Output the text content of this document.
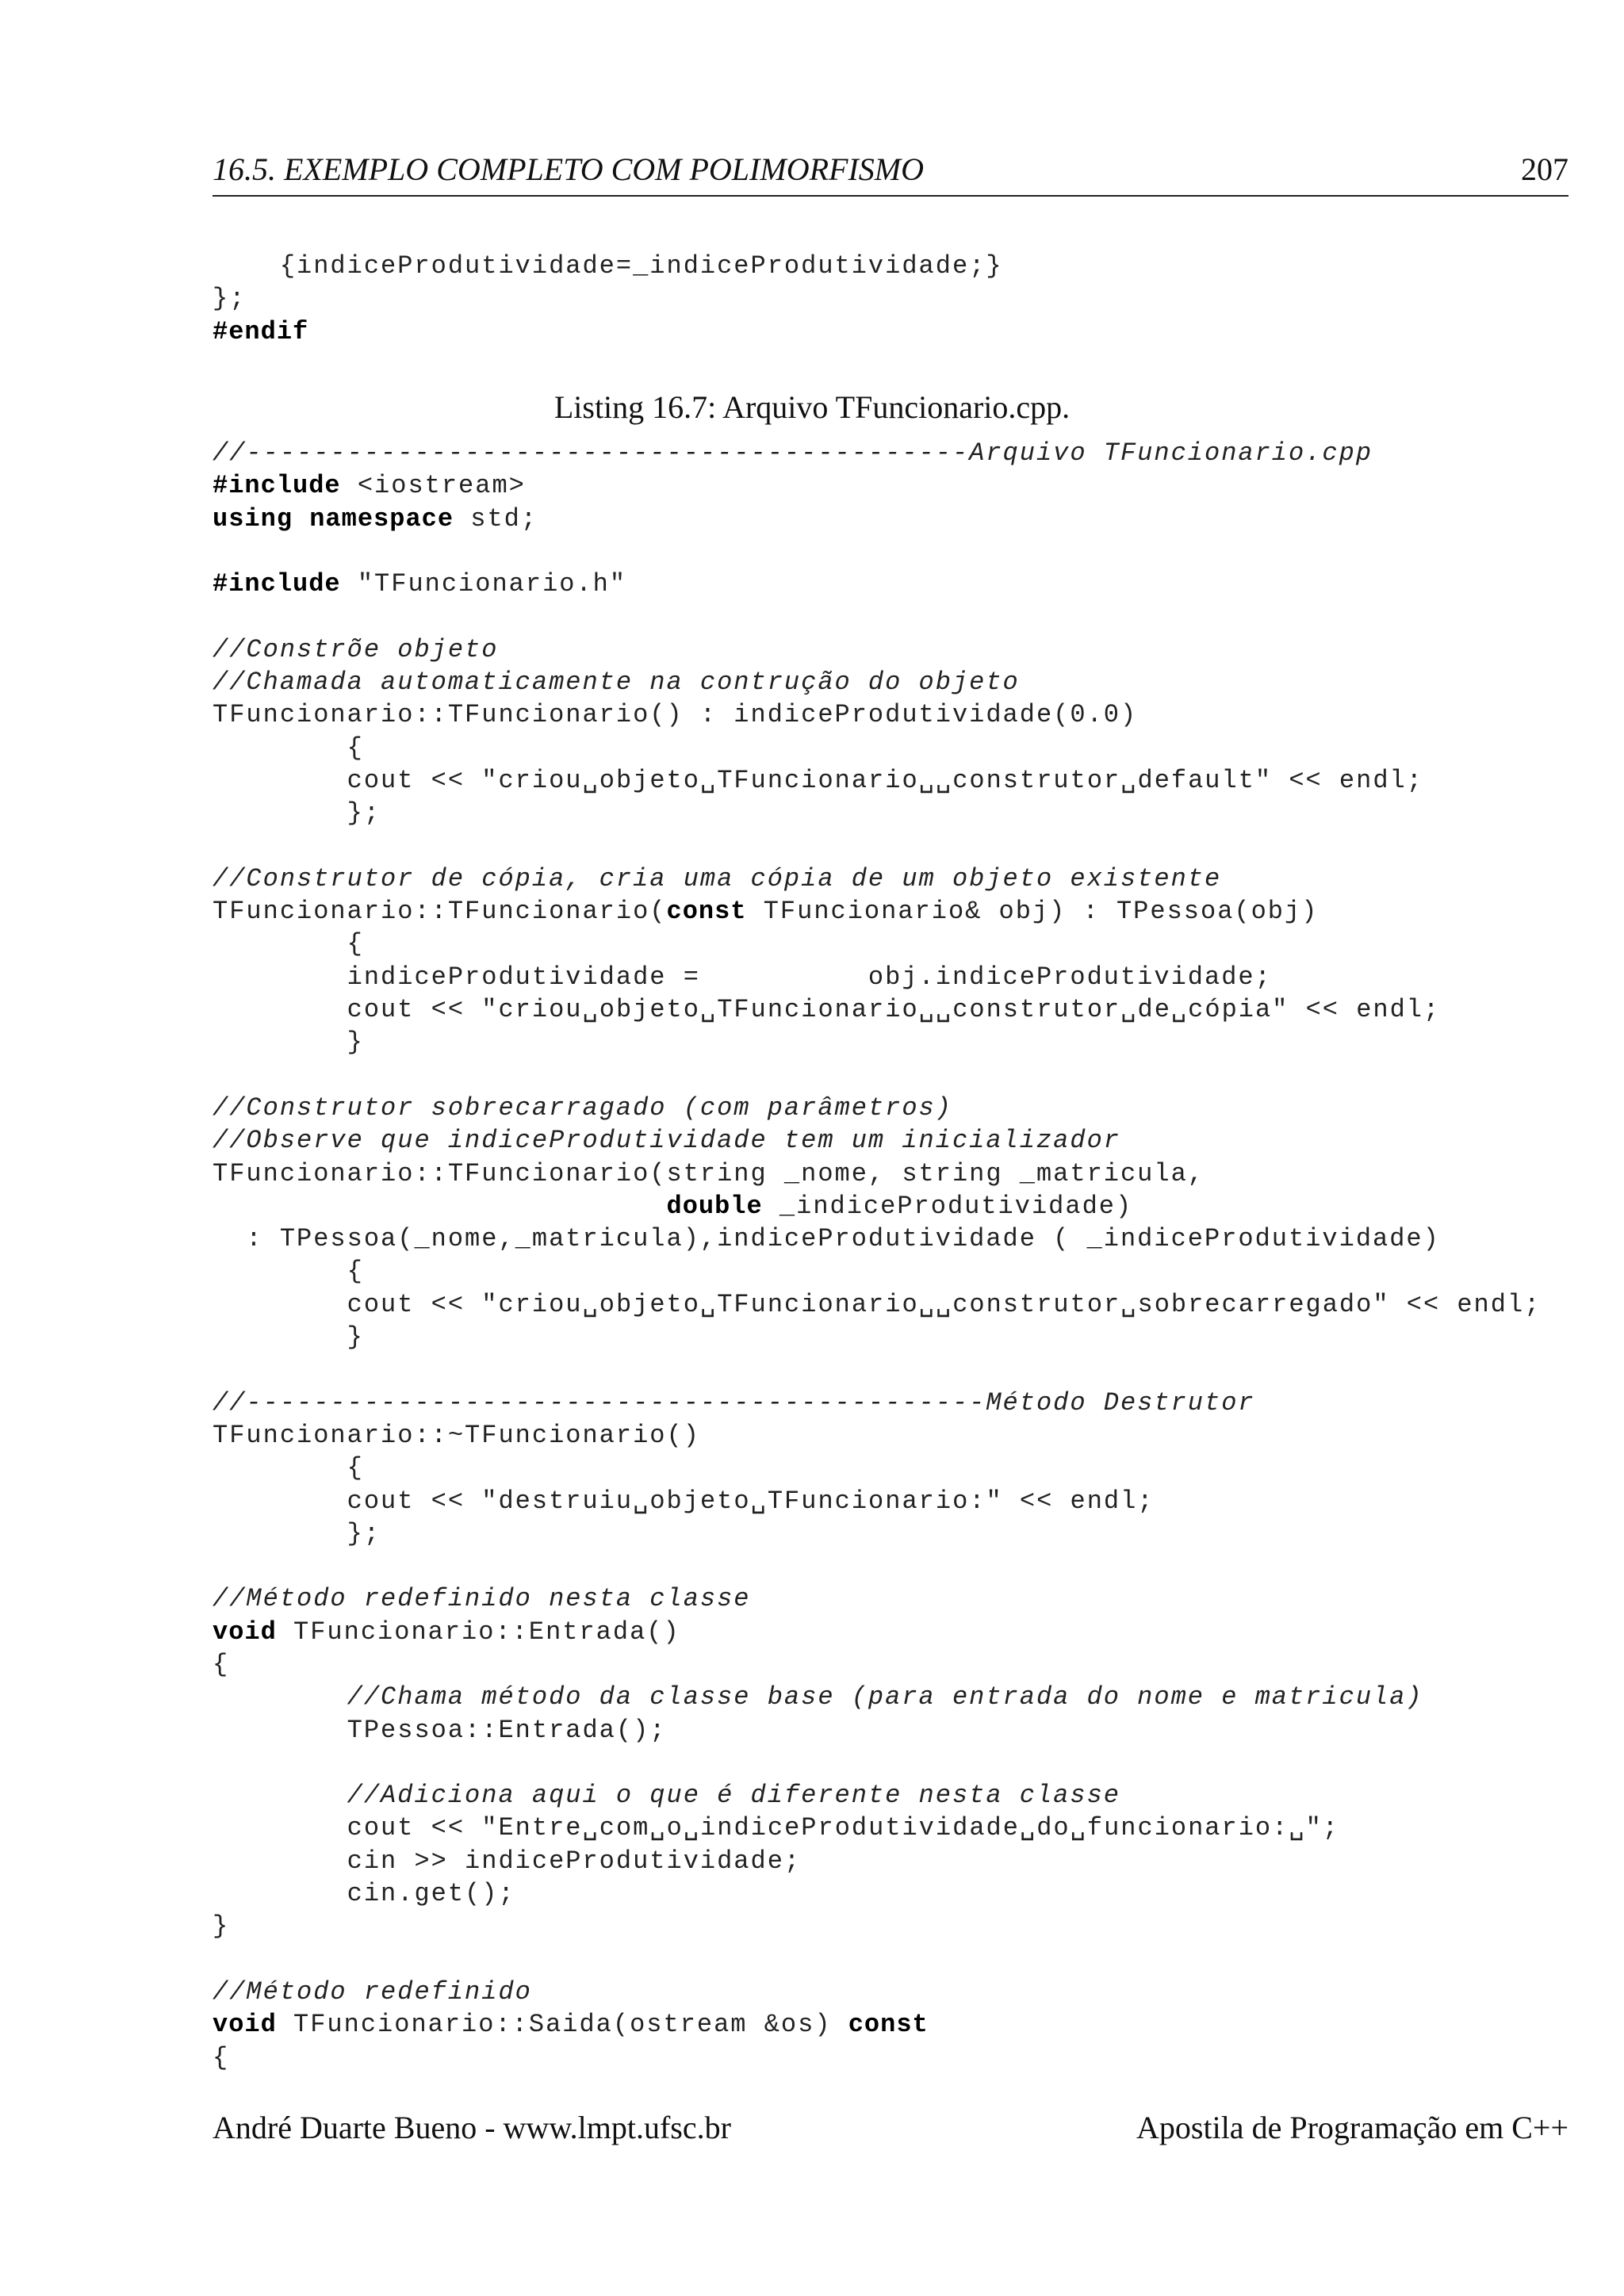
16.5. EXEMPLO COMPLETO COM POLIMORFISMO	207
{indiceProdutividade=_indiceProdutividade;}
};
#endif
Listing 16.7: Arquivo TFuncionario.cpp.
//-------------------------------------------Arquivo TFuncionario.cpp
#include <iostream>
using namespace std;
#include "TFuncionario.h"
//Constrõe objeto
//Chamada automaticamente na contrução do objeto
TFuncionario::TFuncionario() : indiceProdutividade(0.0)
{
cout << "criou␣objeto␣TFuncionario␣␣construtor␣default" << endl;
};
//Construtor de cópia, cria uma cópia de um objeto existente
TFuncionario::TFuncionario(const TFuncionario& obj) : TPessoa(obj)
{
indiceProdutividade =          obj.indiceProdutividade;
cout << "criou␣objeto␣TFuncionario␣␣construtor␣de␣cópia" << endl;
}
//Construtor sobrecarragado (com parâmetros)
//Observe que indiceProdutividade tem um inicializador
TFuncionario::TFuncionario(string _nome, string _matricula,
double _indiceProdutividade)
: TPessoa(_nome,_matricula),indiceProdutividade ( _indiceProdutividade)
{
cout << "criou␣objeto␣TFuncionario␣␣construtor␣sobrecarregado" << endl;
}
//--------------------------------------------Método Destrutor
TFuncionario::~TFuncionario()
{
cout << "destruiu␣objeto␣TFuncionario:" << endl;
};
//Método redefinido nesta classe
void TFuncionario::Entrada()
{
//Chama método da classe base (para entrada do nome e matricula)
TPessoa::Entrada();
//Adiciona aqui o que é diferente nesta classe
cout << "Entre␣com␣o␣indiceProdutividade␣do␣funcionario:␣";
cin >> indiceProdutividade;
cin.get();
}
//Método redefinido
void TFuncionario::Saida(ostream &os) const
{
André Duarte Bueno - www.lmpt.ufsc.br	Apostila de Programação em C++
